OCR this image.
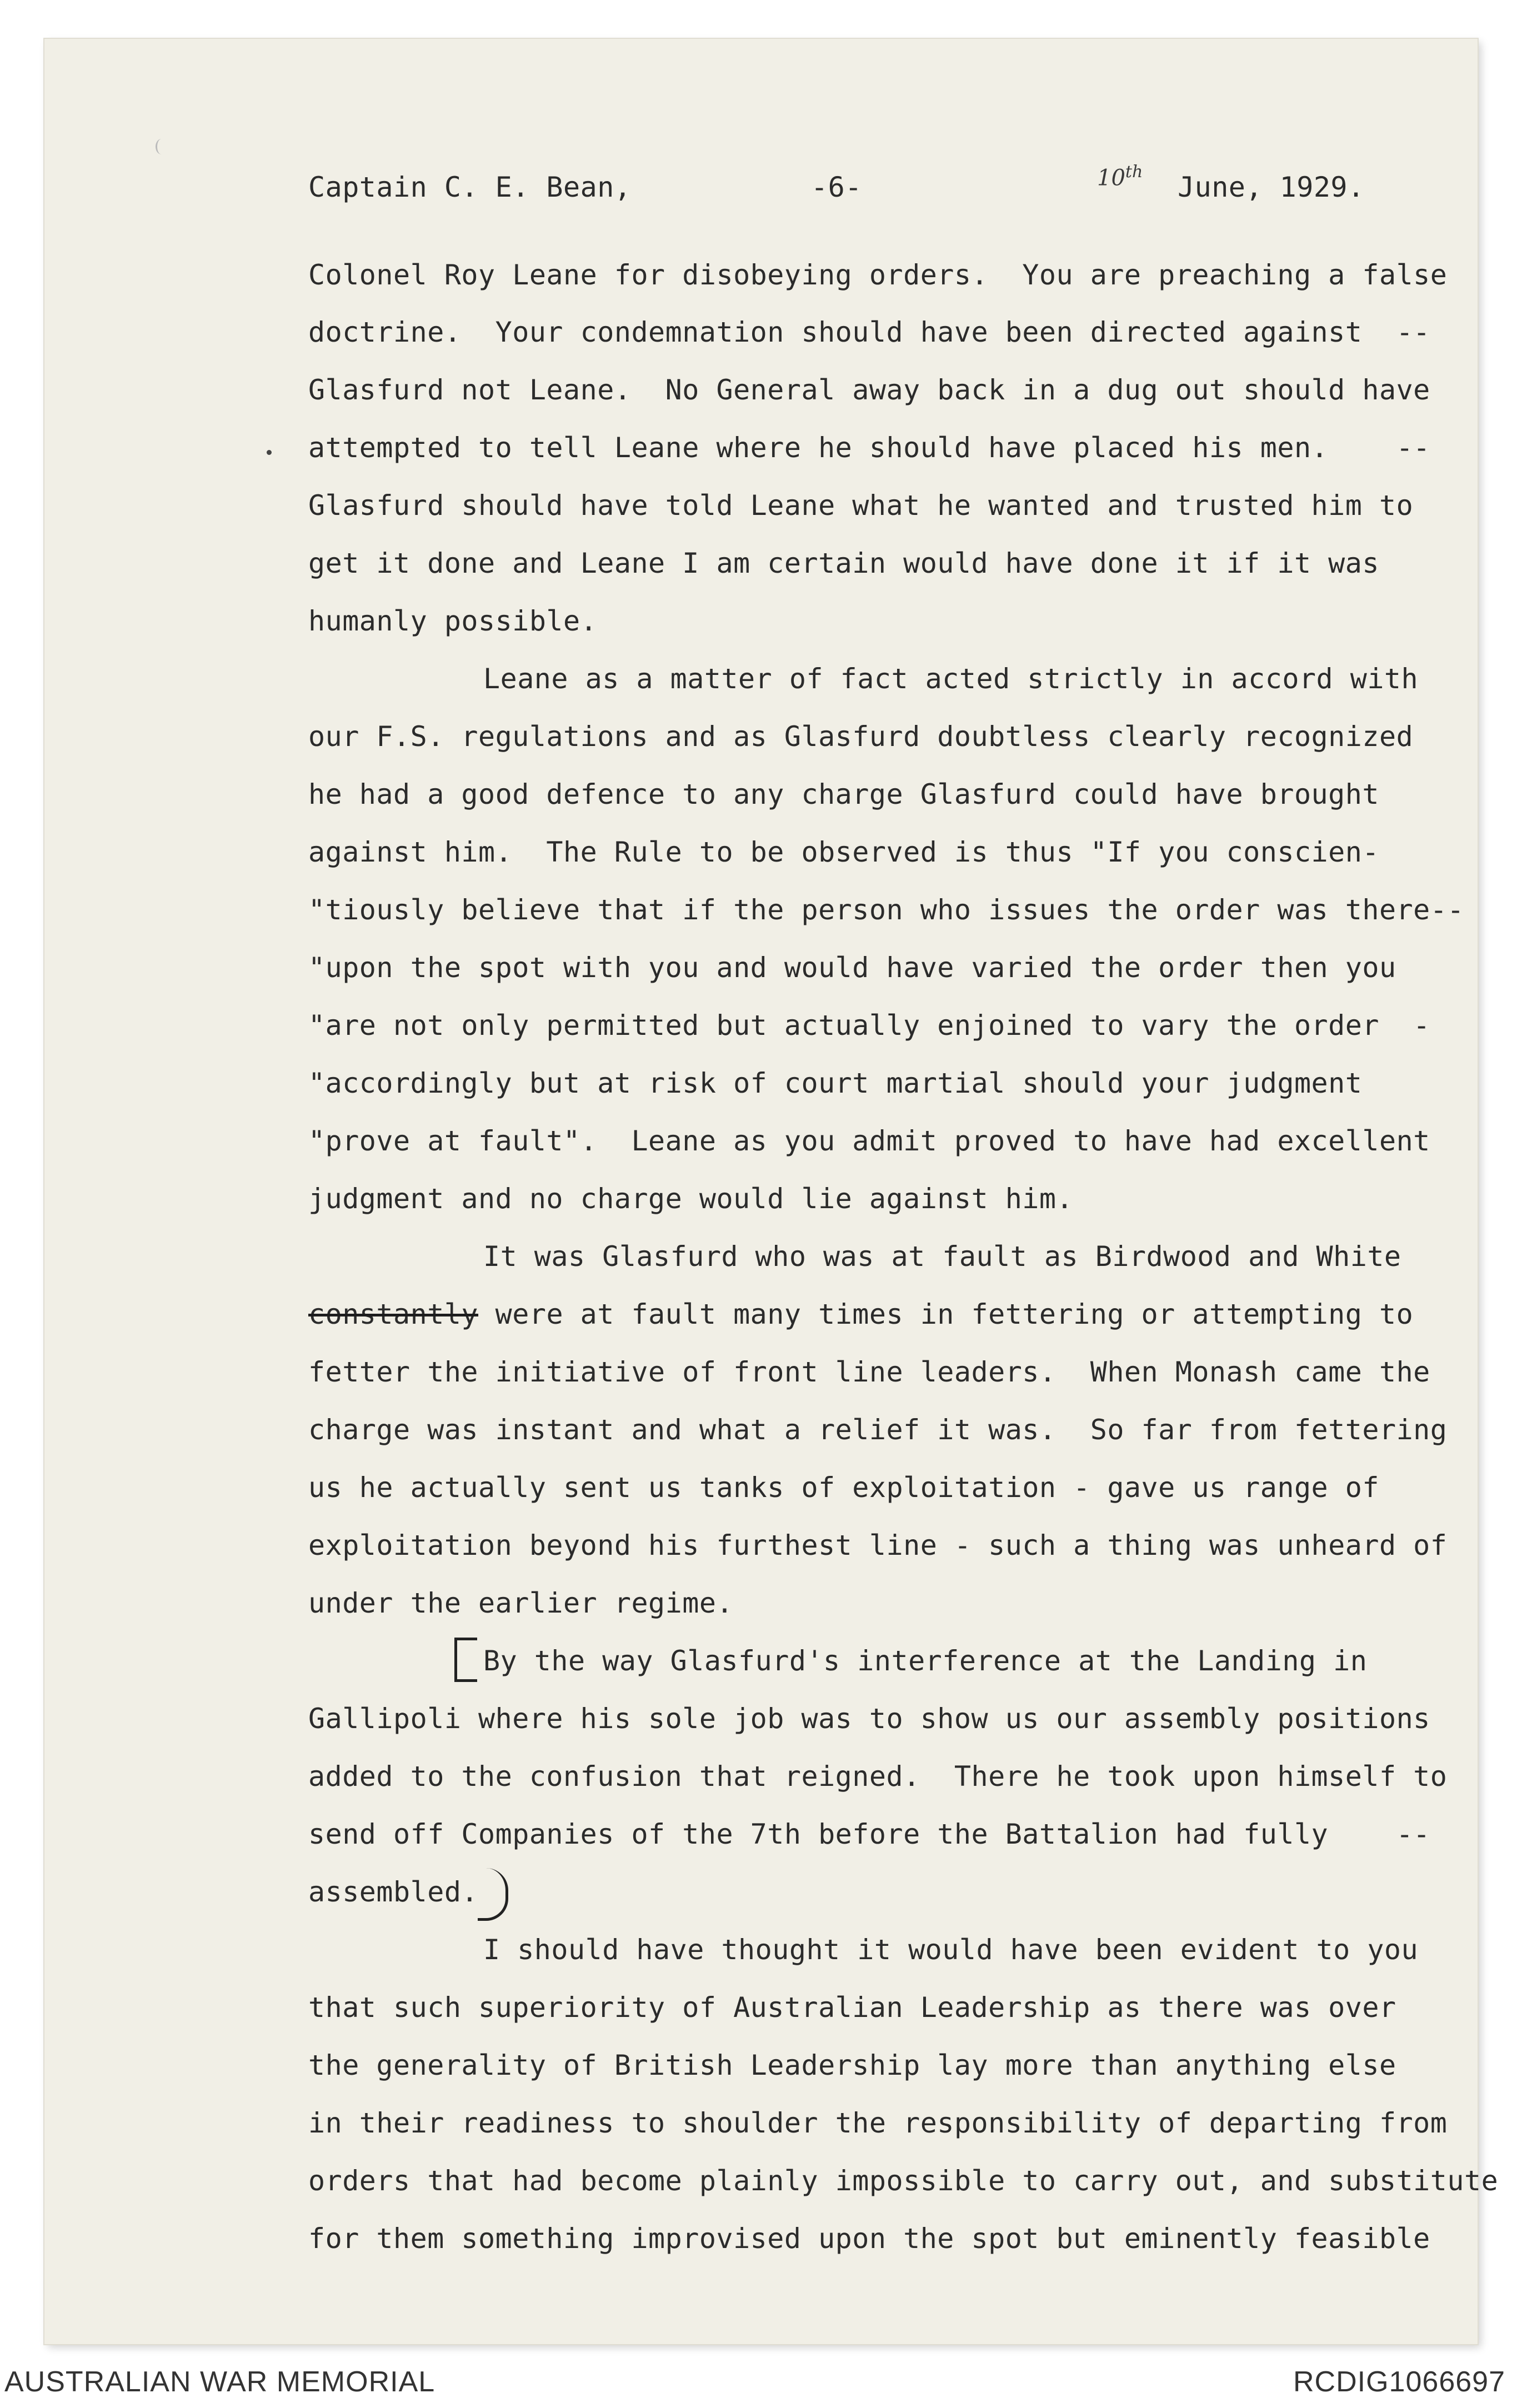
Captain C. E. Bean,	-6-	June, 1929.

Colonel Roy Leane for disobeying orders.  You are preaching a false

doctrine.  Your condemnation should have been directed against  --

Glasfurd not Leane.  No General away back in a dug out should have

attempted to tell Leane where he should have placed his men.    --

Glasfurd should have told Leane what he wanted and trusted him to

get it done and Leane I am certain would have done it if it was

humanly possible.

Leane as a matter of fact acted strictly in accord with

our F.S. regulations and as Glasfurd doubtless clearly recognized

he had a good defence to any charge Glasfurd could have brought

against him.  The Rule to be observed is thus "If you conscien-

"tiously believe that if the person who issues the order was there--

"upon the spot with you and would have varied the order then you

"are not only permitted but actually enjoined to vary the order  -

"accordingly but at risk of court martial should your judgment

"prove at fault".  Leane as you admit proved to have had excellent

judgment and no charge would lie against him.

It was Glasfurd who was at fault as Birdwood and White

constantly were at fault many times in fettering or attempting to

fetter the initiative of front line leaders.  When Monash came the

charge was instant and what a relief it was.  So far from fettering

us he actually sent us tanks of exploitation - gave us range of

exploitation beyond his furthest line - such a thing was unheard of

under the earlier regime.

By the way Glasfurd's interference at the Landing in

Gallipoli where his sole job was to show us our assembly positions

added to the confusion that reigned.  There he took upon himself to

send off Companies of the 7th before the Battalion had fully    --

assembled.

I should have thought it would have been evident to you

that such superiority of Australian Leadership as there was over

the generality of British Leadership lay more than anything else

in their readiness to shoulder the responsibility of departing from

orders that had become plainly impossible to carry out, and substitute

for them something improvised upon the spot but eminently feasible

10th
AUSTRALIAN WAR MEMORIAL	RCDIG1066697
